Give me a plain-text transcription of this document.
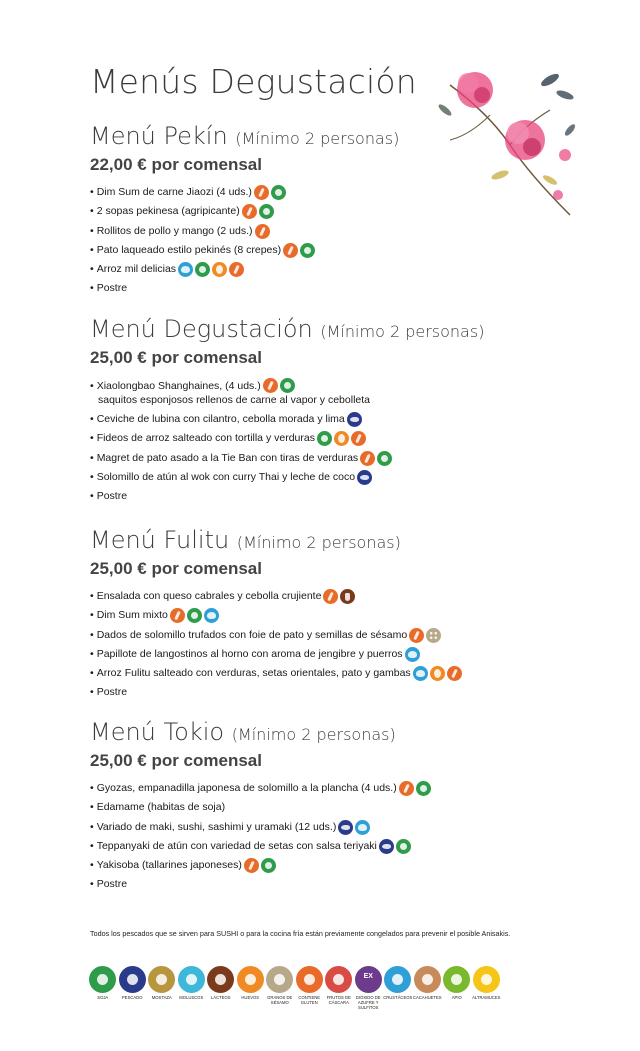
Menús Degustación
Menú Pekín (Mínimo 2 personas)
22,00 € por comensal
• Dim Sum de carne Jiaozi (4 uds.)
• 2 sopas pekinesa (agripicante)
• Rollitos de pollo y mango (2 uds.)
• Pato laqueado estilo pekinés (8 crepes)
• Arroz mil delicias
• Postre
Menú Degustación (Mínimo 2 personas)
25,00 € por comensal
• Xiaolongbao Shanghaines, (4 uds.)
saquitos esponjosos rellenos de carne al vapor y cebolleta
• Ceviche de lubina con cilantro, cebolla morada y lima
• Fideos de arroz salteado con tortilla y verduras
• Magret de pato asado a la Tie Ban con tiras de verduras
• Solomillo de atún al wok con curry Thai y leche de coco
• Postre
Menú Fulitu (Mínimo 2 personas)
25,00 € por comensal
• Ensalada con queso cabrales y cebolla crujiente
• Dim Sum mixto
• Dados de solomillo trufados con foie de pato y semillas de sésamo
• Papillote de langostinos al horno con aroma de jengibre y puerros
• Arroz Fulitu salteado con verduras, setas orientales, pato y gambas
• Postre
Menú Tokio (Mínimo 2 personas)
25,00 € por comensal
• Gyozas, empanadilla japonesa de solomillo a la plancha (4 uds.)
• Edamame (habitas de soja)
• Variado de maki, sushi, sashimi y uramaki (12 uds.)
• Teppanyaki de atún con variedad de setas con salsa teriyaki
• Yakisoba (tallarines japoneses)
• Postre

Todos los pescados que se sirven para SUSHI o para la cocina fría están previamente congelados para prevenir el posible Anisakis.

SOJA	PESCADO	MOSTAZA	MOLUSCOS	LÁCTEOS	HUEVOS	GRANOS DE SÉSAMO
CONTIENE GLUTEN
FRUTOS DE CÁSCARA
EX
DIÓXIDO DE AZUFRE Y SULFITOS
CRUSTÁCEOS CACAHUETES	APIO	ALTRAMUCES
